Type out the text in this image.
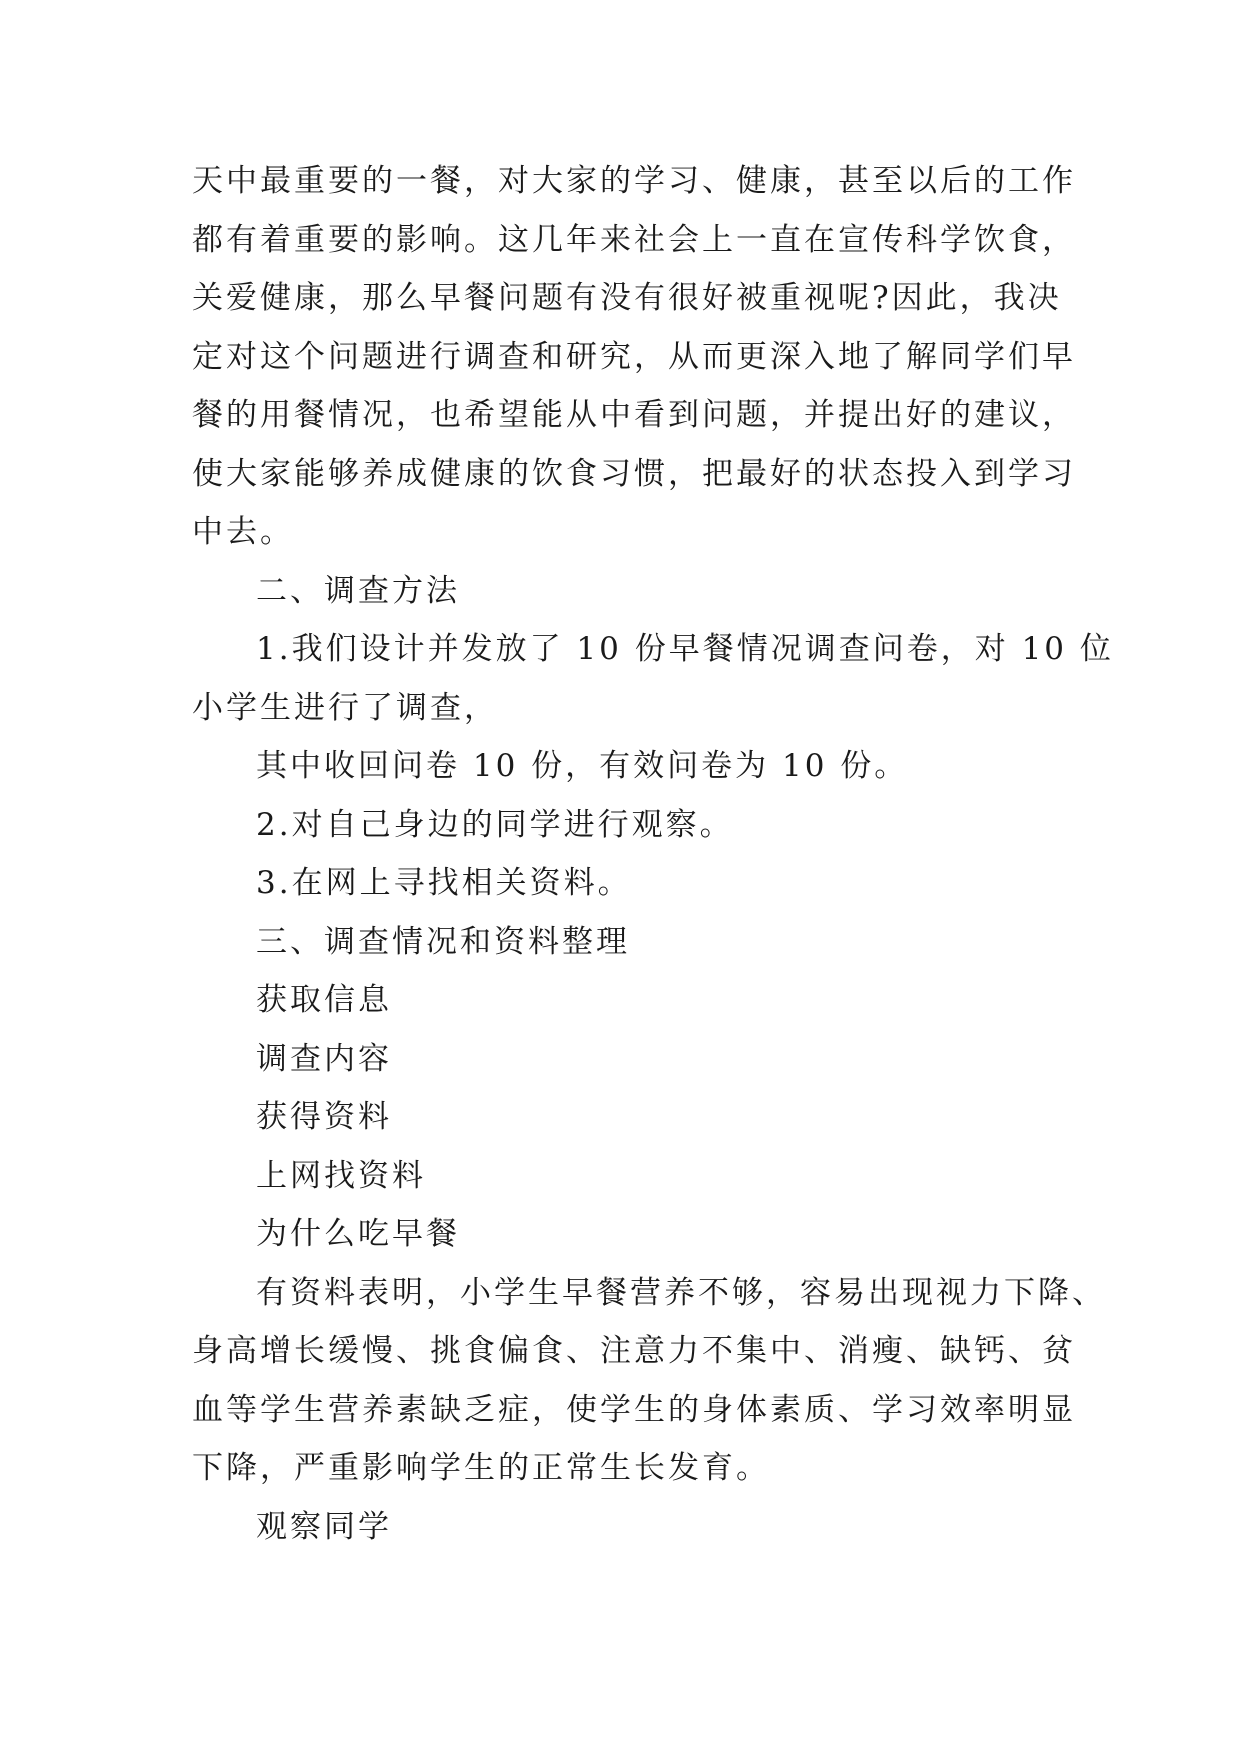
天中最重要的一餐，对大家的学习、健康，甚至以后的工作

都有着重要的影响。这几年来社会上一直在宣传科学饮食，

关爱健康，那么早餐问题有没有很好被重视呢?因此，我决

定对这个问题进行调查和研究，从而更深入地了解同学们早

餐的用餐情况，也希望能从中看到问题，并提出好的建议，

使大家能够养成健康的饮食习惯，把最好的状态投入到学习

中去。

二、调查方法

1.我们设计并发放了 10 份早餐情况调查问卷，对 10 位

小学生进行了调查，

其中收回问卷 10 份，有效问卷为 10 份。

2.对自己身边的同学进行观察。

3.在网上寻找相关资料。

三、调查情况和资料整理

获取信息

调查内容

获得资料

上网找资料

为什么吃早餐

有资料表明，小学生早餐营养不够，容易出现视力下降、

身高增长缓慢、挑食偏食、注意力不集中、消瘦、缺钙、贫

血等学生营养素缺乏症，使学生的身体素质、学习效率明显

下降，严重影响学生的正常生长发育。

观察同学
